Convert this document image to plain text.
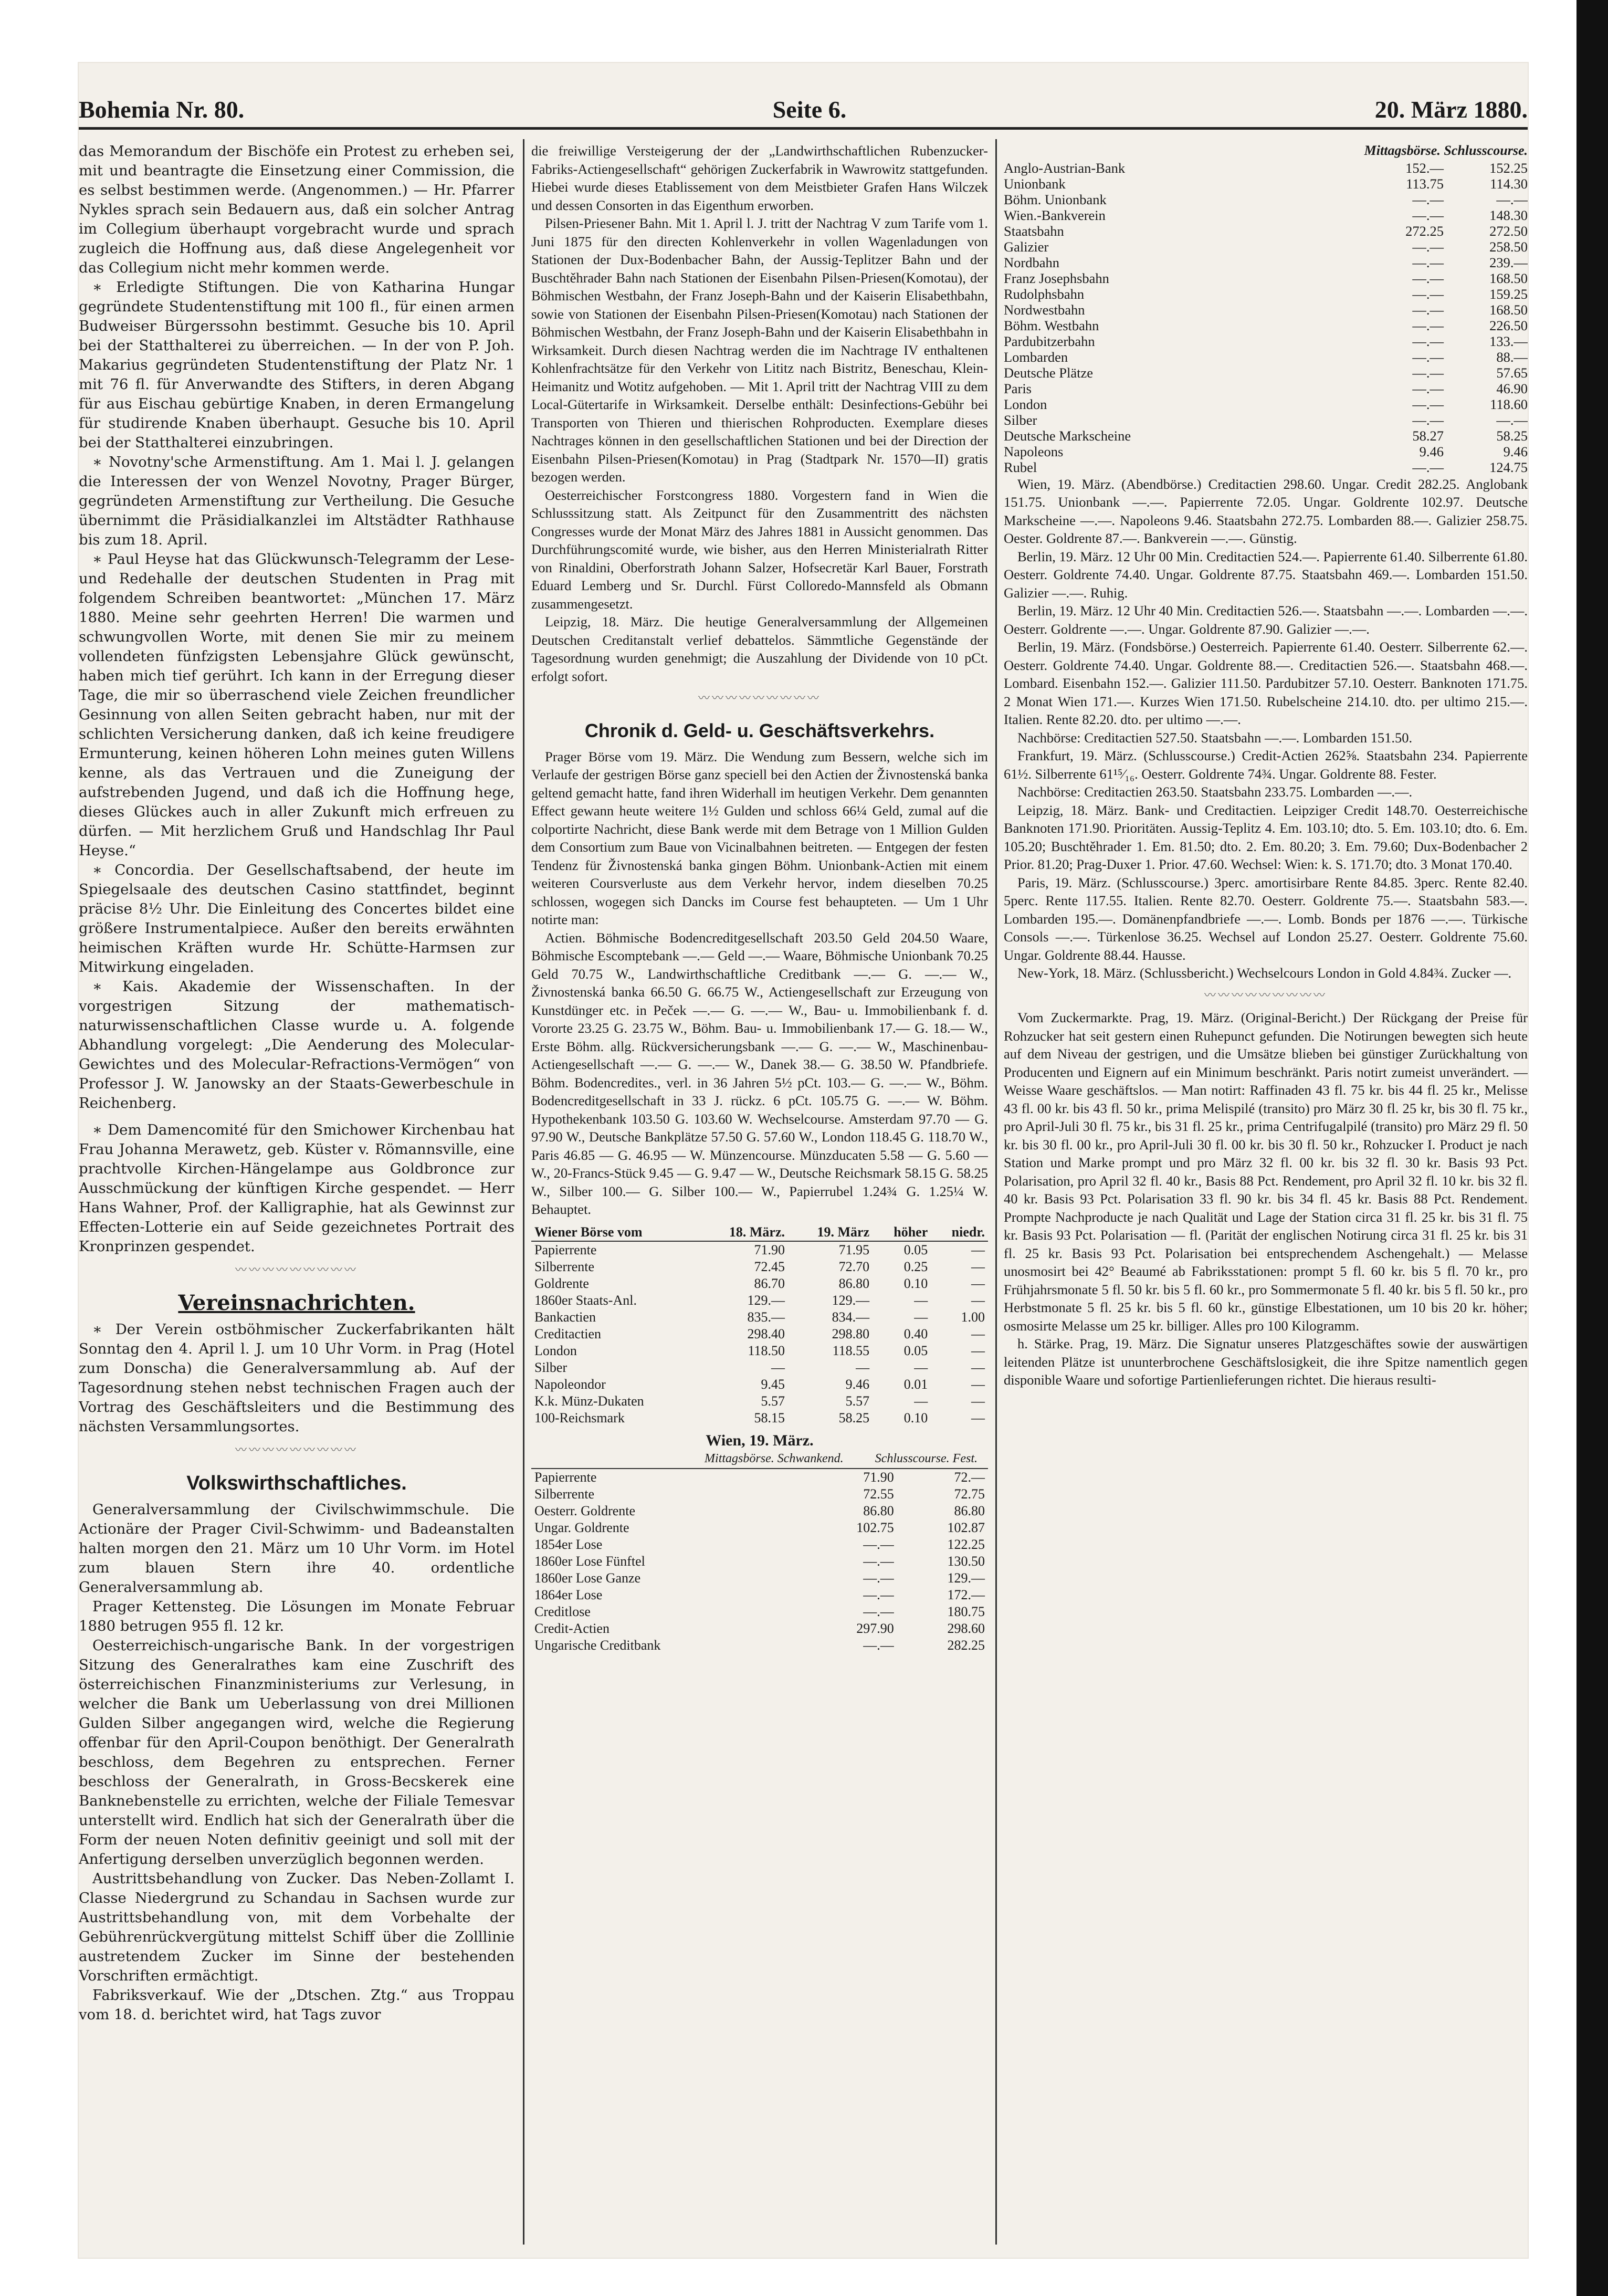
Bohemia Nr. 80.	Seite 6.	20. März 1880.

das Memorandum der Bischöfe ein Protest zu erheben sei, mit und beantragte die Einsetzung einer Commission, die es selbst bestimmen werde. (Angenommen.) — Hr. Pfarrer Nykles sprach sein Bedauern aus, daß ein solcher Antrag im Collegium überhaupt vorgebracht wurde und sprach zugleich die Hoffnung aus, daß diese Angelegenheit vor das Collegium nicht mehr kommen werde.

∗ Erledigte Stiftungen. Die von Katharina Hungar gegründete Studentenstiftung mit 100 fl., für einen armen Budweiser Bürgerssohn bestimmt. Gesuche bis 10. April bei der Statthalterei zu überreichen. — In der von P. Joh. Makarius gegründeten Studentenstiftung der Platz Nr. 1 mit 76 fl. für Anverwandte des Stifters, in deren Abgang für aus Eischau gebürtige Knaben, in deren Ermangelung für studirende Knaben überhaupt. Gesuche bis 10. April bei der Statthalterei einzubringen.

∗ Novotny'sche Armenstiftung. Am 1. Mai l. J. gelangen die Interessen der von Wenzel Novotny, Prager Bürger, gegründeten Armenstiftung zur Vertheilung. Die Gesuche übernimmt die Präsidialkanzlei im Altstädter Rathhause bis zum 18. April.

∗ Paul Heyse hat das Glückwunsch-Telegramm der Lese- und Redehalle der deutschen Studenten in Prag mit folgendem Schreiben beantwortet: „München 17. März 1880. Meine sehr geehrten Herren! Die warmen und schwungvollen Worte, mit denen Sie mir zu meinem vollendeten fünfzigsten Lebensjahre Glück gewünscht, haben mich tief gerührt. Ich kann in der Erregung dieser Tage, die mir so überraschend viele Zeichen freundlicher Gesinnung von allen Seiten gebracht haben, nur mit der schlichten Versicherung danken, daß ich keine freudigere Ermunterung, keinen höheren Lohn meines guten Willens kenne, als das Vertrauen und die Zuneigung der aufstrebenden Jugend, und daß ich die Hoffnung hege, dieses Glückes auch in aller Zukunft mich erfreuen zu dürfen. — Mit herzlichem Gruß und Handschlag Ihr Paul Heyse.“

∗ Concordia. Der Gesellschaftsabend, der heute im Spiegelsaale des deutschen Casino stattfindet, beginnt präcise 8½ Uhr. Die Einleitung des Concertes bildet eine größere Instrumentalpiece. Außer den bereits erwähnten heimischen Kräften wurde Hr. Schütte-Harmsen zur Mitwirkung eingeladen.

∗ Kais. Akademie der Wissenschaften. In der vorgestrigen Sitzung der mathematisch-naturwissenschaftlichen Classe wurde u. A. folgende Abhandlung vorgelegt: „Die Aenderung des Molecular-Gewichtes und des Molecular-Refractions-Vermögen“ von Professor J. W. Janowsky an der Staats-Gewerbeschule in Reichenberg.

∗ Dem Damencomité für den Smichower Kirchenbau hat Frau Johanna Merawetz, geb. Küster v. Römannsville, eine prachtvolle Kirchen-Hängelampe aus Goldbronce zur Ausschmückung der künftigen Kirche gespendet. — Herr Hans Wahner, Prof. der Kalligraphie, hat als Gewinnst zur Effecten-Lotterie ein auf Seide gezeichnetes Portrait des Kronprinzen gespendet.

〰〰〰〰〰〰〰〰〰
Vereinsnachrichten.

∗ Der Verein ostböhmischer Zuckerfabrikanten hält Sonntag den 4. April l. J. um 10 Uhr Vorm. in Prag (Hotel zum Donscha) die Generalversammlung ab. Auf der Tagesordnung stehen nebst technischen Fragen auch der Vortrag des Geschäftsleiters und die Bestimmung des nächsten Versammlungsortes.

〰〰〰〰〰〰〰〰〰
Volkswirthschaftliches.

Generalversammlung der Civilschwimmschule. Die Actionäre der Prager Civil-Schwimm- und Badeanstalten halten morgen den 21. März um 10 Uhr Vorm. im Hotel zum blauen Stern ihre 40. ordentliche Generalversammlung ab.

Prager Kettensteg. Die Lösungen im Monate Februar 1880 betrugen 955 fl. 12 kr.

Oesterreichisch-ungarische Bank. In der vorgestrigen Sitzung des Generalrathes kam eine Zuschrift des österreichischen Finanzministeriums zur Verlesung, in welcher die Bank um Ueberlassung von drei Millionen Gulden Silber angegangen wird, welche die Regierung offenbar für den April-Coupon benöthigt. Der Generalrath beschloss, dem Begehren zu entsprechen. Ferner beschloss der Generalrath, in Gross-Becskerek eine Banknebenstelle zu errichten, welche der Filiale Temesvar unterstellt wird. Endlich hat sich der Generalrath über die Form der neuen Noten definitiv geeinigt und soll mit der Anfertigung derselben unverzüglich begonnen werden.

Austrittsbehandlung von Zucker. Das Neben-Zollamt I. Classe Niedergrund zu Schandau in Sachsen wurde zur Austrittsbehandlung von, mit dem Vorbehalte der Gebührenrückvergütung mittelst Schiff über die Zolllinie austretendem Zucker im Sinne der bestehenden Vorschriften ermächtigt.

Fabriksverkauf. Wie der „Dtschen. Ztg.“ aus Troppau vom 18. d. berichtet wird, hat Tags zuvor

die freiwillige Versteigerung der der „Landwirthschaftlichen Rubenzucker-Fabriks-Actiengesellschaft“ gehörigen Zuckerfabrik in Wawrowitz stattgefunden. Hiebei wurde dieses Etablissement von dem Meistbieter Grafen Hans Wilczek und dessen Consorten in das Eigenthum erworben.

Pilsen-Priesener Bahn. Mit 1. April l. J. tritt der Nachtrag V zum Tarife vom 1. Juni 1875 für den directen Kohlenverkehr in vollen Wagenladungen von Stationen der Dux-Bodenbacher Bahn, der Aussig-Teplitzer Bahn und der Buschtěhrader Bahn nach Stationen der Eisenbahn Pilsen-Priesen(Komotau), der Böhmischen Westbahn, der Franz Joseph-Bahn und der Kaiserin Elisabethbahn, sowie von Stationen der Eisenbahn Pilsen-Priesen(Komotau) nach Stationen der Böhmischen Westbahn, der Franz Joseph-Bahn und der Kaiserin Elisabethbahn in Wirksamkeit. Durch diesen Nachtrag werden die im Nachtrage IV enthaltenen Kohlenfrachtsätze für den Verkehr von Lititz nach Bistritz, Beneschau, Klein-Heimanitz und Wotitz aufgehoben. — Mit 1. April tritt der Nachtrag VIII zu dem Local-Gütertarife in Wirksamkeit. Derselbe enthält: Desinfections-Gebühr bei Transporten von Thieren und thierischen Rohproducten. Exemplare dieses Nachtrages können in den gesellschaftlichen Stationen und bei der Direction der Eisenbahn Pilsen-Priesen(Komotau) in Prag (Stadtpark Nr. 1570—II) gratis bezogen werden.

Oesterreichischer Forstcongress 1880. Vorgestern fand in Wien die Schlusssitzung statt. Als Zeitpunct für den Zusammentritt des nächsten Congresses wurde der Monat März des Jahres 1881 in Aussicht genommen. Das Durchführungscomité wurde, wie bisher, aus den Herren Ministerialrath Ritter von Rinaldini, Oberforstrath Johann Salzer, Hofsecretär Karl Bauer, Forstrath Eduard Lemberg und Sr. Durchl. Fürst Colloredo-Mannsfeld als Obmann zusammengesetzt.

Leipzig, 18. März. Die heutige Generalversammlung der Allgemeinen Deutschen Creditanstalt verlief debattelos. Sämmtliche Gegenstände der Tagesordnung wurden genehmigt; die Auszahlung der Dividende von 10 pCt. erfolgt sofort.

〰〰〰〰〰〰〰〰〰
Chronik d. Geld- u. Geschäftsverkehrs.

Prager Börse vom 19. März. Die Wendung zum Bessern, welche sich im Verlaufe der gestrigen Börse ganz speciell bei den Actien der Živnostenská banka geltend gemacht hatte, fand ihren Widerhall im heutigen Verkehr. Dem genannten Effect gewann heute weitere 1½ Gulden und schloss 66¼ Geld, zumal auf die colportirte Nachricht, diese Bank werde mit dem Betrage von 1 Million Gulden dem Consortium zum Baue von Vicinalbahnen beitreten. — Entgegen der festen Tendenz für Živnostenská banka gingen Böhm. Unionbank-Actien mit einem weiteren Coursverluste aus dem Verkehr hervor, indem dieselben 70.25 schlossen, wogegen sich Dancks im Course fest behaupteten. — Um 1 Uhr notirte man:

Actien. Böhmische Bodencreditgesellschaft 203.50 Geld 204.50 Waare, Böhmische Escomptebank —.— Geld —.— Waare, Böhmische Unionbank 70.25 Geld 70.75 W., Landwirthschaftliche Creditbank —.— G. —.— W., Živnostenská banka 66.50 G. 66.75 W., Actiengesellschaft zur Erzeugung von Kunstdünger etc. in Peček —.— G. —.— W., Bau- u. Immobilienbank f. d. Vororte 23.25 G. 23.75 W., Böhm. Bau- u. Immobilienbank 17.— G. 18.— W., Erste Böhm. allg. Rückversicherungsbank —.— G. —.— W., Maschinenbau-Actiengesellschaft —.— G. —.— W., Danek 38.— G. 38.50 W. Pfandbriefe. Böhm. Bodencredites., verl. in 36 Jahren 5½ pCt. 103.— G. —.— W., Böhm. Bodencreditgesellschaft in 33 J. rückz. 6 pCt. 105.75 G. —.— W. Böhm. Hypothekenbank 103.50 G. 103.60 W. Wechselcourse. Amsterdam 97.70 — G. 97.90 W., Deutsche Bankplätze 57.50 G. 57.60 W., London 118.45 G. 118.70 W., Paris 46.85 — G. 46.95 — W. Münzencourse. Münzducaten 5.58 — G. 5.60 — W., 20-Francs-Stück 9.45 — G. 9.47 — W., Deutsche Reichsmark 58.15 G. 58.25 W., Silber 100.— G. Silber 100.— W., Papierrubel 1.24¾ G. 1.25¼ W. Behauptet.

Wiener Börse vom	18. März.	19. März	höher	niedr.
Papierrente	71.90	71.95	0.05	—
Silberrente	72.45	72.70	0.25	—
Goldrente	86.70	86.80	0.10	—
1860er Staats-Anl.	129.—	129.—	—	—
Bankactien	835.—	834.—	—	1.00
Creditactien	298.40	298.80	0.40	—
London	118.50	118.55	0.05	—
Silber	—	—	—	—
Napoleondor	9.45	9.46	0.01	—
K.k. Münz-Dukaten	5.57	5.57	—	—
100-Reichsmark	58.15	58.25	0.10	—
Wien, 19. März.
Mittagsbörse. Schwankend.	Schlusscourse. Fest.
Papierrente	71.90	72.—
Silberrente	72.55	72.75
Oesterr. Goldrente	86.80	86.80
Ungar. Goldrente	102.75	102.87
1854er Lose	—.—	122.25
1860er Lose Fünftel	—.—	130.50
1860er Lose Ganze	—.—	129.—
1864er Lose	—.—	172.—
Creditlose	—.—	180.75
Credit-Actien	297.90	298.60
Ungarische Creditbank	—.—	282.25
Mittagsbörse. Schlusscourse.
Anglo-Austrian-Bank	152.—	152.25
Unionbank	113.75	114.30
Böhm. Unionbank	—.—	—.—
Wien.-Bankverein	—.—	148.30
Staatsbahn	272.25	272.50
Galizier	—.—	258.50
Nordbahn	—.—	239.—
Franz Josephsbahn	—.—	168.50
Rudolphsbahn	—.—	159.25
Nordwestbahn	—.—	168.50
Böhm. Westbahn	—.—	226.50
Pardubitzerbahn	—.—	133.—
Lombarden	—.—	88.—
Deutsche Plätze	—.—	57.65
Paris	—.—	46.90
London	—.—	118.60
Silber	—.—	—.—
Deutsche Markscheine	58.27	58.25
Napoleons	9.46	9.46
Rubel	—.—	124.75

Wien, 19. März. (Abendbörse.) Creditactien 298.60. Ungar. Credit 282.25. Anglobank 151.75. Unionbank —.—. Papierrente 72.05. Ungar. Goldrente 102.97. Deutsche Markscheine —.—. Napoleons 9.46. Staatsbahn 272.75. Lombarden 88.—. Galizier 258.75. Oester. Goldrente 87.—. Bankverein —.—. Günstig.

Berlin, 19. März. 12 Uhr 00 Min. Creditactien 524.—. Papierrente 61.40. Silberrente 61.80. Oesterr. Goldrente 74.40. Ungar. Goldrente 87.75. Staatsbahn 469.—. Lombarden 151.50. Galizier —.—. Ruhig.

Berlin, 19. März. 12 Uhr 40 Min. Creditactien 526.—. Staatsbahn —.—. Lombarden —.—. Oesterr. Goldrente —.—. Ungar. Goldrente 87.90. Galizier —.—.

Berlin, 19. März. (Fondsbörse.) Oesterreich. Papierrente 61.40. Oesterr. Silberrente 62.—. Oesterr. Goldrente 74.40. Ungar. Goldrente 88.—. Creditactien 526.—. Staatsbahn 468.—. Lombard. Eisenbahn 152.—. Galizier 111.50. Pardubitzer 57.10. Oesterr. Banknoten 171.75. 2 Monat Wien 171.—. Kurzes Wien 171.50. Rubelscheine 214.10. dto. per ultimo 215.—. Italien. Rente 82.20. dto. per ultimo —.—.

Nachbörse: Creditactien 527.50. Staatsbahn —.—. Lombarden 151.50.

Frankfurt, 19. März. (Schlusscourse.) Credit-Actien 262⅝. Staatsbahn 234. Papierrente 61½. Silberrente 61¹⁵⁄₁₆. Oesterr. Goldrente 74¾. Ungar. Goldrente 88. Fester.

Nachbörse: Creditactien 263.50. Staatsbahn 233.75. Lombarden —.—.

Leipzig, 18. März. Bank- und Creditactien. Leipziger Credit 148.70. Oesterreichische Banknoten 171.90. Prioritäten. Aussig-Teplitz 4. Em. 103.10; dto. 5. Em. 103.10; dto. 6. Em. 105.20; Buschtěhrader 1. Em. 81.50; dto. 2. Em. 80.20; 3. Em. 79.60; Dux-Bodenbacher 2 Prior. 81.20; Prag-Duxer 1. Prior. 47.60. Wechsel: Wien: k. S. 171.70; dto. 3 Monat 170.40.

Paris, 19. März. (Schlusscourse.) 3perc. amortisirbare Rente 84.85. 3perc. Rente 82.40. 5perc. Rente 117.55. Italien. Rente 82.70. Oesterr. Goldrente 75.—. Staatsbahn 583.—. Lombarden 195.—. Domänenpfandbriefe —.—. Lomb. Bonds per 1876 —.—. Türkische Consols —.—. Türkenlose 36.25. Wechsel auf London 25.27. Oesterr. Goldrente 75.60. Ungar. Goldrente 88.44. Hausse.

New-York, 18. März. (Schlussbericht.) Wechselcours London in Gold 4.84¾. Zucker —.

〰〰〰〰〰〰〰〰〰

Vom Zuckermarkte. Prag, 19. März. (Original-Bericht.) Der Rückgang der Preise für Rohzucker hat seit gestern einen Ruhepunct gefunden. Die Notirungen bewegten sich heute auf dem Niveau der gestrigen, und die Umsätze blieben bei günstiger Zurückhaltung von Producenten und Eignern auf ein Minimum beschränkt. Paris notirt zumeist unverändert. — Weisse Waare geschäftslos. — Man notirt: Raffinaden 43 fl. 75 kr. bis 44 fl. 25 kr., Melisse 43 fl. 00 kr. bis 43 fl. 50 kr., prima Melispilé (transito) pro März 30 fl. 25 kr, bis 30 fl. 75 kr., pro April-Juli 30 fl. 75 kr., bis 31 fl. 25 kr., prima Centrifugalpilé (transito) pro März 29 fl. 50 kr. bis 30 fl. 00 kr., pro April-Juli 30 fl. 00 kr. bis 30 fl. 50 kr., Rohzucker I. Product je nach Station und Marke prompt und pro März 32 fl. 00 kr. bis 32 fl. 30 kr. Basis 93 Pct. Polarisation, pro April 32 fl. 40 kr., Basis 88 Pct. Rendement, pro April 32 fl. 10 kr. bis 32 fl. 40 kr. Basis 93 Pct. Polarisation 33 fl. 90 kr. bis 34 fl. 45 kr. Basis 88 Pct. Rendement. Prompte Nachproducte je nach Qualität und Lage der Station circa 31 fl. 25 kr. bis 31 fl. 75 kr. Basis 93 Pct. Polarisation — fl. (Parität der englischen Notirung circa 31 fl. 25 kr. bis 31 fl. 25 kr. Basis 93 Pct. Polarisation bei entsprechendem Aschengehalt.) — Melasse unosmosirt bei 42° Beaumé ab Fabriksstationen: prompt 5 fl. 60 kr. bis 5 fl. 70 kr., pro Frühjahrsmonate 5 fl. 50 kr. bis 5 fl. 60 kr., pro Sommermonate 5 fl. 40 kr. bis 5 fl. 50 kr., pro Herbstmonate 5 fl. 25 kr. bis 5 fl. 60 kr., günstige Elbestationen, um 10 bis 20 kr. höher; osmosirte Melasse um 25 kr. billiger. Alles pro 100 Kilogramm.

h. Stärke. Prag, 19. März. Die Signatur unseres Platzgeschäftes sowie der auswärtigen leitenden Plätze ist ununterbrochene Geschäftslosigkeit, die ihre Spitze namentlich gegen disponible Waare und sofortige Partienlieferungen richtet. Die hieraus resulti-
